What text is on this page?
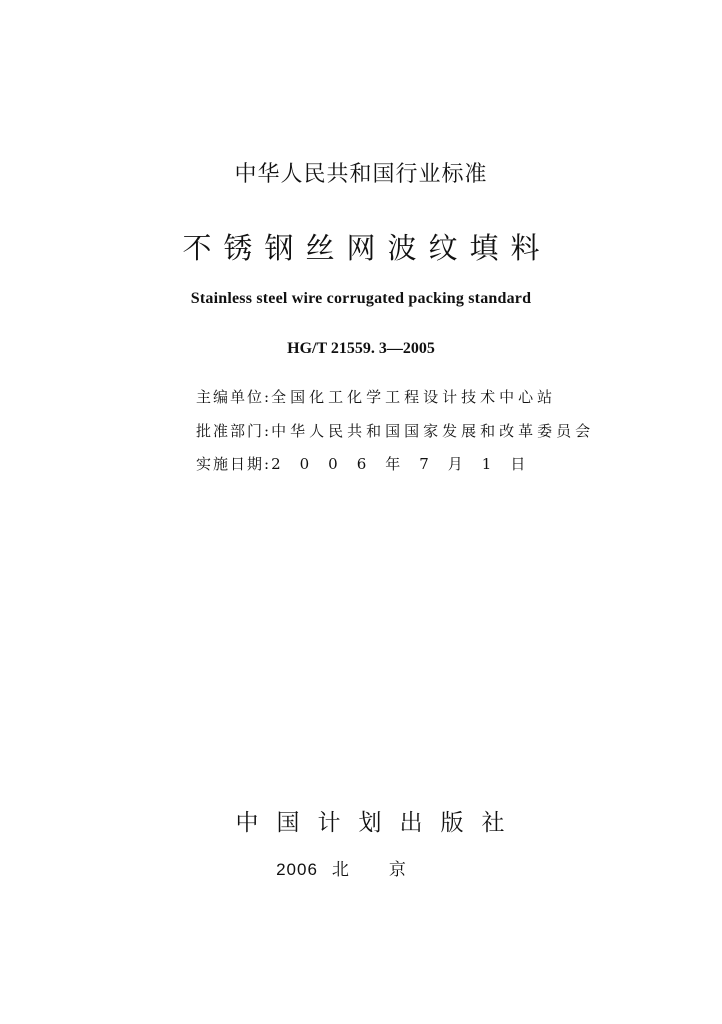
中华人民共和国行业标准
不锈钢丝网波纹填料
Stainless steel wire corrugated packing standard
HG/T 21559. 3—2005
主编单位:全国化工化学工程设计技术中心站
批准部门:中华人民共和国国家发展和改革委员会
实施日期:2006年7月1日
中国计划出版社
2006 北京
